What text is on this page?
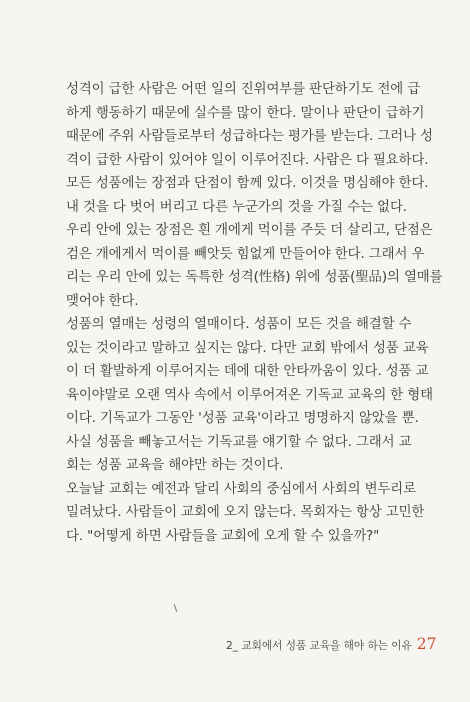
성격이 급한 사람은 어떤 일의 진위여부를 판단하기도 전에 급
하게 행동하기 때문에 실수를 많이 한다. 말이나 판단이 급하기
때문에 주위 사람들로부터 성급하다는 평가를 받는다. 그러나 성
격이 급한 사람이 있어야 일이 이루어진다. 사람은 다 필요하다.
모든 성품에는 장점과 단점이 함께 있다. 이것을 명심해야 한다.
내 것을 다 벗어 버리고 다른 누군가의 것을 가질 수는 없다.
우리 안에 있는 장점은 흰 개에게 먹이를 주듯 더 살리고, 단점은
검은 개에게서 먹이를 빼앗듯 힘없게 만들어야 한다. 그래서 우
리는 우리 안에 있는 독특한 성격(性格) 위에 성품(聖品)의 열매를
맺어야 한다.
성품의 열매는 성령의 열매이다. 성품이 모든 것을 해결할 수
있는 것이라고 말하고 싶지는 않다. 다만 교회 밖에서 성품 교육
이 더 활발하게 이루어지는 데에 대한 안타까움이 있다. 성품 교
육이야말로 오랜 역사 속에서 이루어져온 기독교 교육의 한 형태
이다. 기독교가 그동안 '성품 교육'이라고 명명하지 않았을 뿐.
사실 성품을 빼놓고서는 기독교를 얘기할 수 없다. 그래서 교
회는 성품 교육을 해야만 하는 것이다.
오늘날 교회는 예전과 달리 사회의 중심에서 사회의 변두리로
밀려났다. 사람들이 교회에 오지 않는다. 목회자는 항상 고민한
다. "어떻게 하면 사람들을 교회에 오게 할 수 있을까?"
2_ 교회에서 성품 교육을 해야 하는 이유 27
